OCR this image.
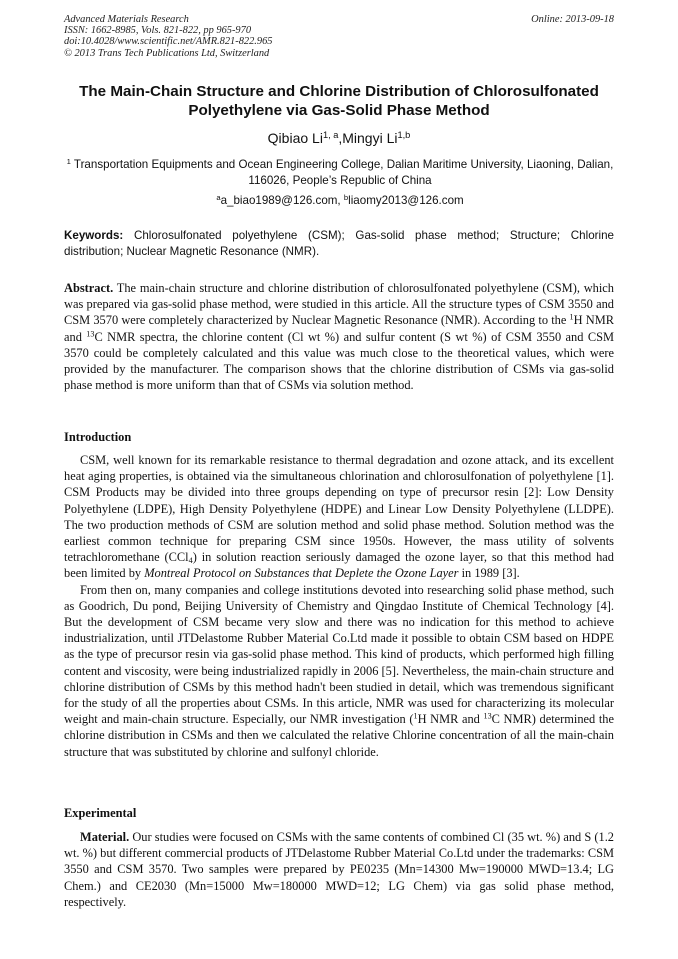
Advanced Materials Research
ISSN: 1662-8985, Vols. 821-822, pp 965-970
doi:10.4028/www.scientific.net/AMR.821-822.965
© 2013 Trans Tech Publications Ltd, Switzerland
Online: 2013-09-18
The Main-Chain Structure and Chlorine Distribution of Chlorosulfonated
Polyethylene via Gas-Solid Phase Method
Qibiao Li$^{1, a}$,Mingyi Li$^{1,b}$
$^1$ Transportation Equipments and Ocean Engineering College, Dalian Maritime University, Liaoning, Dalian, 116026, People’s Republic of China
$^a$a_biao1989@126.com, $^b$liaomy2013@126.com
Keywords: Chlorosulfonated polyethylene (CSM); Gas-solid phase method; Structure; Chlorine distribution; Nuclear Magnetic Resonance (NMR).
Abstract. The main-chain structure and chlorine distribution of chlorosulfonated polyethylene (CSM), which was prepared via gas-solid phase method, were studied in this article. All the structure types of CSM 3550 and CSM 3570 were completely characterized by Nuclear Magnetic Resonance (NMR). According to the $^1$H NMR and $^{13}$C NMR spectra, the chlorine content (Cl wt %) and sulfur content (S wt %) of CSM 3550 and CSM 3570 could be completely calculated and this value was much close to the theoretical values, which were provided by the manufacturer. The comparison shows that the chlorine distribution of CSMs via gas-solid phase method is more uniform than that of CSMs via solution method.
Introduction

CSM, well known for its remarkable resistance to thermal degradation and ozone attack, and its excellent heat aging properties, is obtained via the simultaneous chlorination and chlorosulfonation of polyethylene [1]. CSM Products may be divided into three groups depending on type of precursor resin [2]: Low Density Polyethylene (LDPE), High Density Polyethylene (HDPE) and Linear Low Density Polyethylene (LLDPE). The two production methods of CSM are solution method and solid phase method. Solution method was the earliest common technique for preparing CSM since 1950s. However, the mass utility of solvents tetrachloromethane (CCl$_4$) in solution reaction seriously damaged the ozone layer, so that this method had been limited by Montreal Protocol on Substances that Deplete the Ozone Layer in 1989 [3].

From then on, many companies and college institutions devoted into researching solid phase method, such as Goodrich, Du pond, Beijing University of Chemistry and Qingdao Institute of Chemical Technology [4]. But the development of CSM became very slow and there was no indication for this method to achieve industrialization, until JTDelastome Rubber Material Co.Ltd made it possible to obtain CSM based on HDPE as the type of precursor resin via gas-solid phase method. This kind of products, which performed high filling content and viscosity, were being industrialized rapidly in 2006 [5]. Nevertheless, the main-chain structure and chlorine distribution of CSMs by this method hadn't been studied in detail, which was tremendous significant for the study of all the properties about CSMs. In this article, NMR was used for characterizing its molecular weight and main-chain structure. Especially, our NMR investigation ($^1$H NMR and $^{13}$C NMR) determined the chlorine distribution in CSMs and then we calculated the relative Chlorine concentration of all the main-chain structure that was substituted by chlorine and sulfonyl chloride.

Experimental

Material. Our studies were focused on CSMs with the same contents of combined Cl (35 wt. %) and S (1.2 wt. %) but different commercial products of JTDelastome Rubber Material Co.Ltd under the trademarks: CSM 3550 and CSM 3570. Two samples were prepared by PE0235 (Mn=14300 Mw=190000 MWD=13.4; LG Chem.) and CE2030 (Mn=15000 Mw=180000 MWD=12; LG Chem) via gas solid phase method, respectively.
